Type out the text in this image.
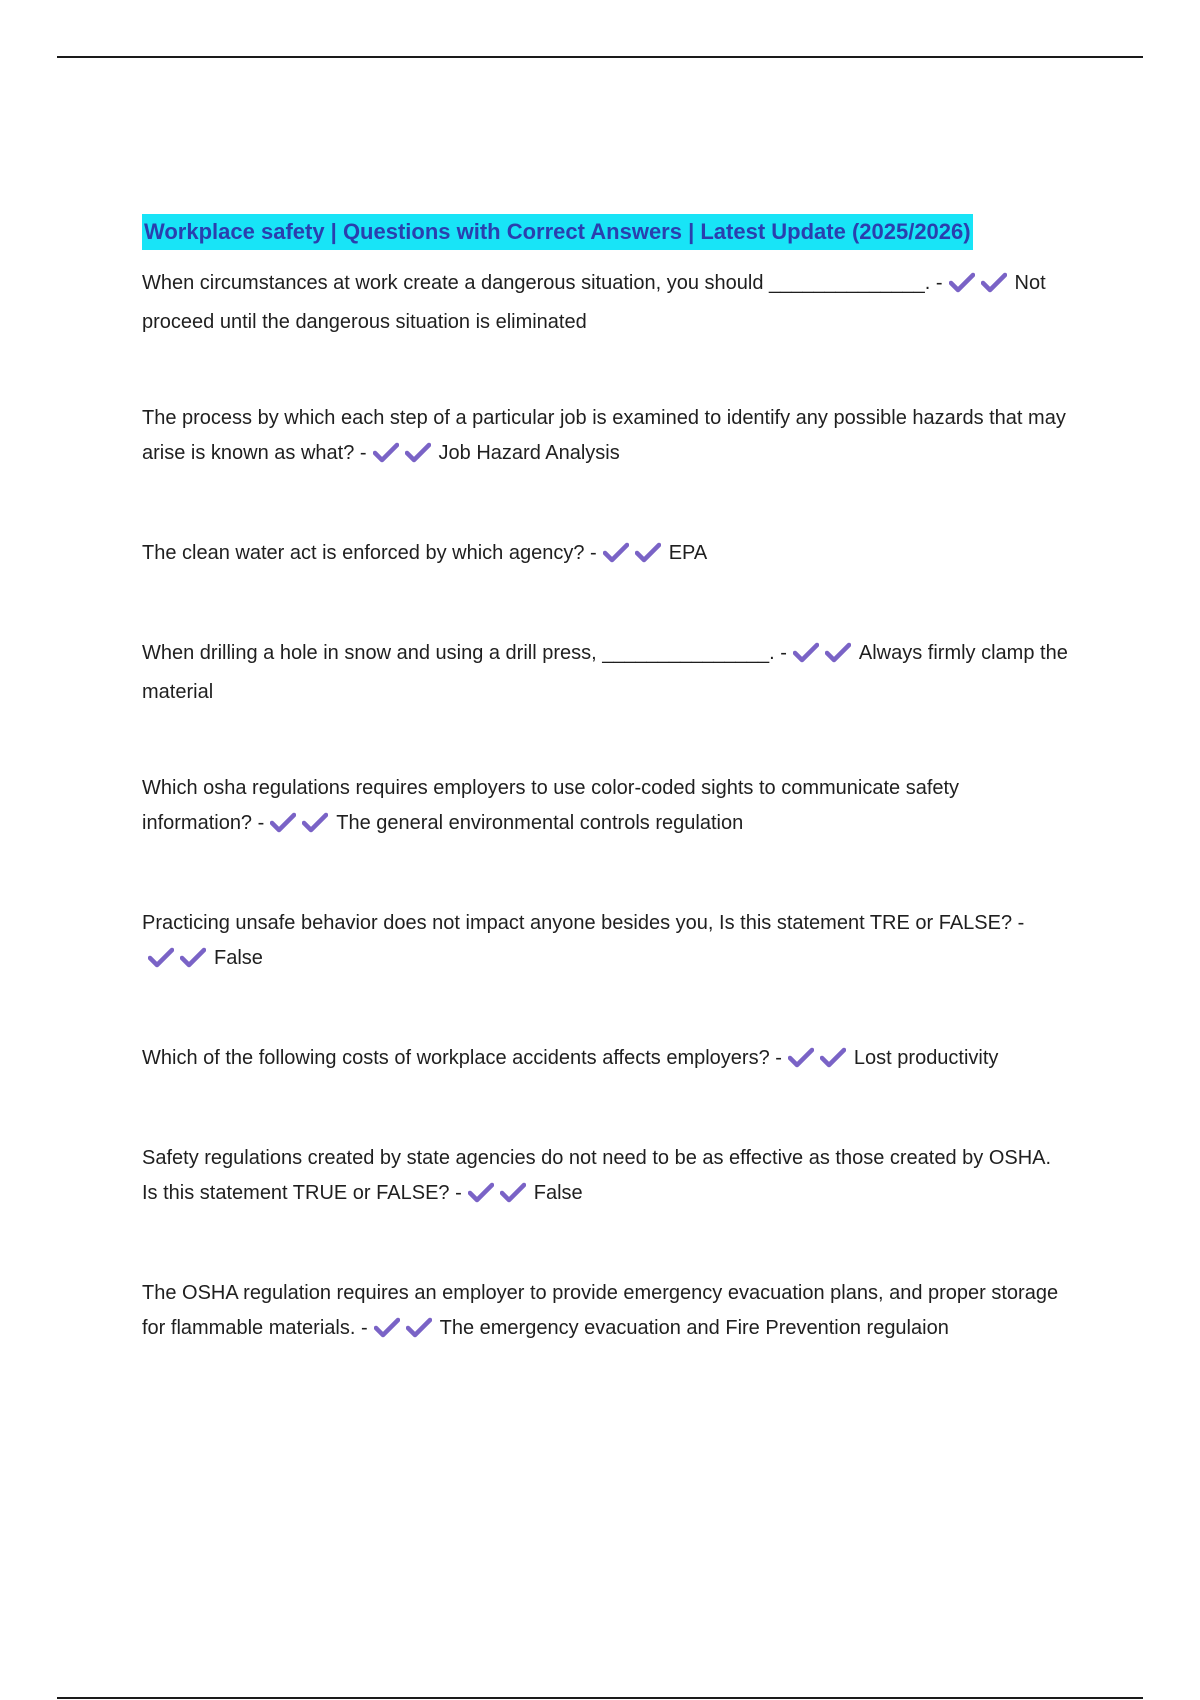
Workplace safety | Questions with Correct Answers | Latest Update (2025/2026)

When circumstances at work create a dangerous situation, you should ______________. -	Not proceed until the dangerous situation is eliminated

The process by which each step of a particular job is examined to identify any possible hazards that may arise is known as what? -	Job Hazard Analysis

The clean water act is enforced by which agency? -	EPA

When drilling a hole in snow and using a drill press, _______________. -	Always firmly clamp the material

Which osha regulations requires employers to use color-coded sights to communicate safety information? -	The general environmental controls regulation

Practicing unsafe behavior does not impact anyone besides you, Is this statement TRE or FALSE? -
False

Which of the following costs of workplace accidents affects employers? -	Lost productivity

Safety regulations created by state agencies do not need to be as effective as those created by OSHA. Is this statement TRUE or FALSE? -	False

The OSHA regulation requires an employer to provide emergency evacuation plans, and proper storage for flammable materials. -	The emergency evacuation and Fire Prevention regulaion
